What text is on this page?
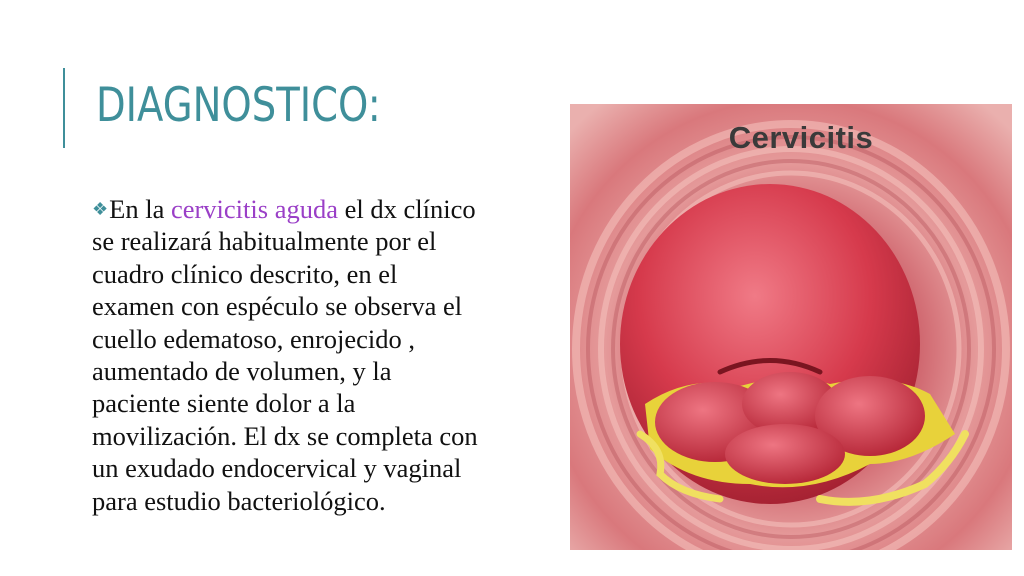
DIAGNOSTICO:
❖En la cervicitis aguda el dx clínico
se realizará habitualmente por el
cuadro clínico descrito, en el
examen con espéculo se observa el
cuello edematoso, enrojecido ,
aumentado de volumen, y la
paciente siente dolor a la
movilización. El dx se completa con
un exudado endocervical y vaginal
para estudio bacteriológico.
Cervicitis
